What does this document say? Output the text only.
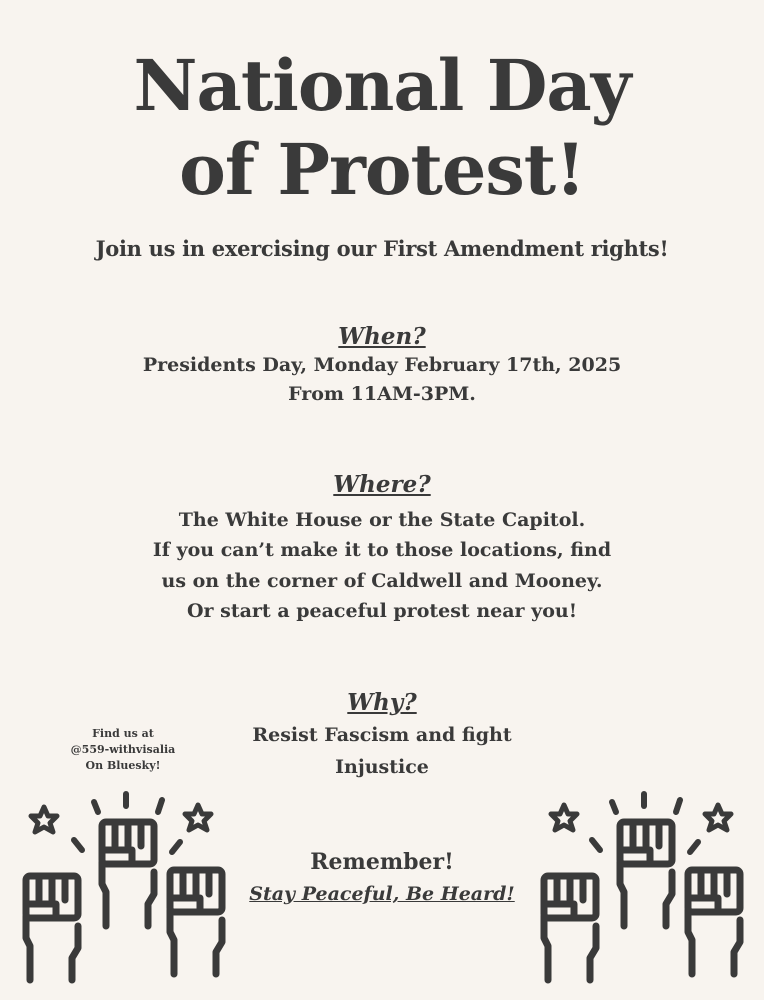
National Day
of Protest!
Join us in exercising our First Amendment rights!
When?
Presidents Day, Monday February 17th, 2025
From 11AM-3PM.
Where?
The White House or the State Capitol.
If you can’t make it to those locations, find
us on the corner of Caldwell and Mooney.
Or start a peaceful protest near you!
Why?
Resist Fascism and fight
Injustice
Find us at
@559-withvisalia
On Bluesky!
Remember!
Stay Peaceful, Be Heard!
